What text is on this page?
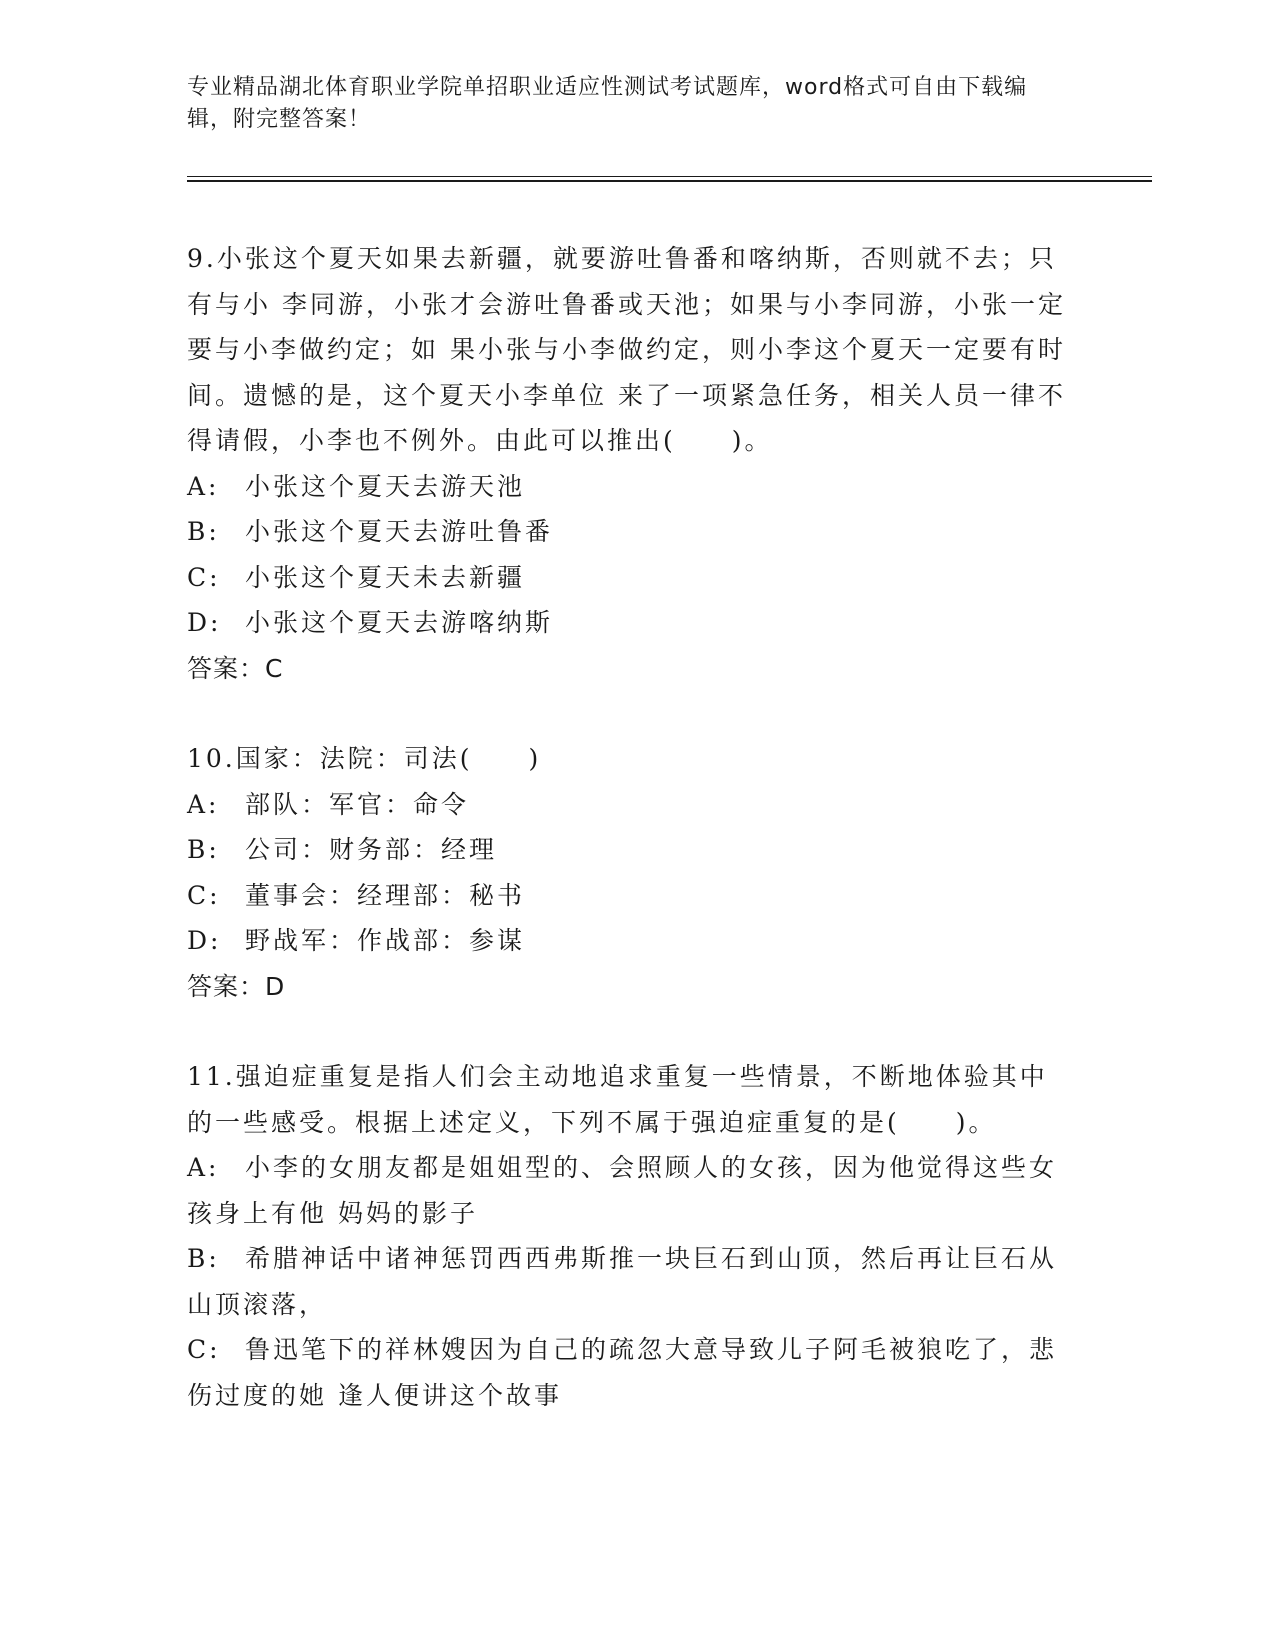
专业精品湖北体育职业学院单招职业适应性测试考试题库，word格式可自由下载编辑，附完整答案！
9.小张这个夏天如果去新疆，就要游吐鲁番和喀纳斯，否则就不去；只有与小 李同游，小张才会游吐鲁番或天池；如果与小李同游，小张一定要与小李做约定；如 果小张与小李做约定，则小李这个夏天一定要有时间。遗憾的是，这个夏天小李单位 来了一项紧急任务，相关人员一律不得请假，小李也不例外。由此可以推出(　　)。
A:	小张这个夏天去游天池
B:	小张这个夏天去游吐鲁番
C: 小张这个夏天未去新疆
D: 小张这个夏天去游喀纳斯
答案：C
10.国家：法院：司法(　　)
A:	部队：军官：命令
B:	公司：财务部：经理
C: 董事会：经理部：秘书
D: 野战军：作战部：参谋
答案：D
11.强迫症重复是指人们会主动地追求重复一些情景，不断地体验其中的一些感受。根据上述定义，下列不属于强迫症重复的是(　　)。
A: 小李的女朋友都是姐姐型的、会照顾人的女孩，因为他觉得这些女孩身上有他 妈妈的影子
B: 希腊神话中诸神惩罚西西弗斯推一块巨石到山顶，然后再让巨石从山顶滚落，
C: 鲁迅笔下的祥林嫂因为自己的疏忽大意导致儿子阿毛被狼吃了，悲伤过度的她 逢人便讲这个故事
